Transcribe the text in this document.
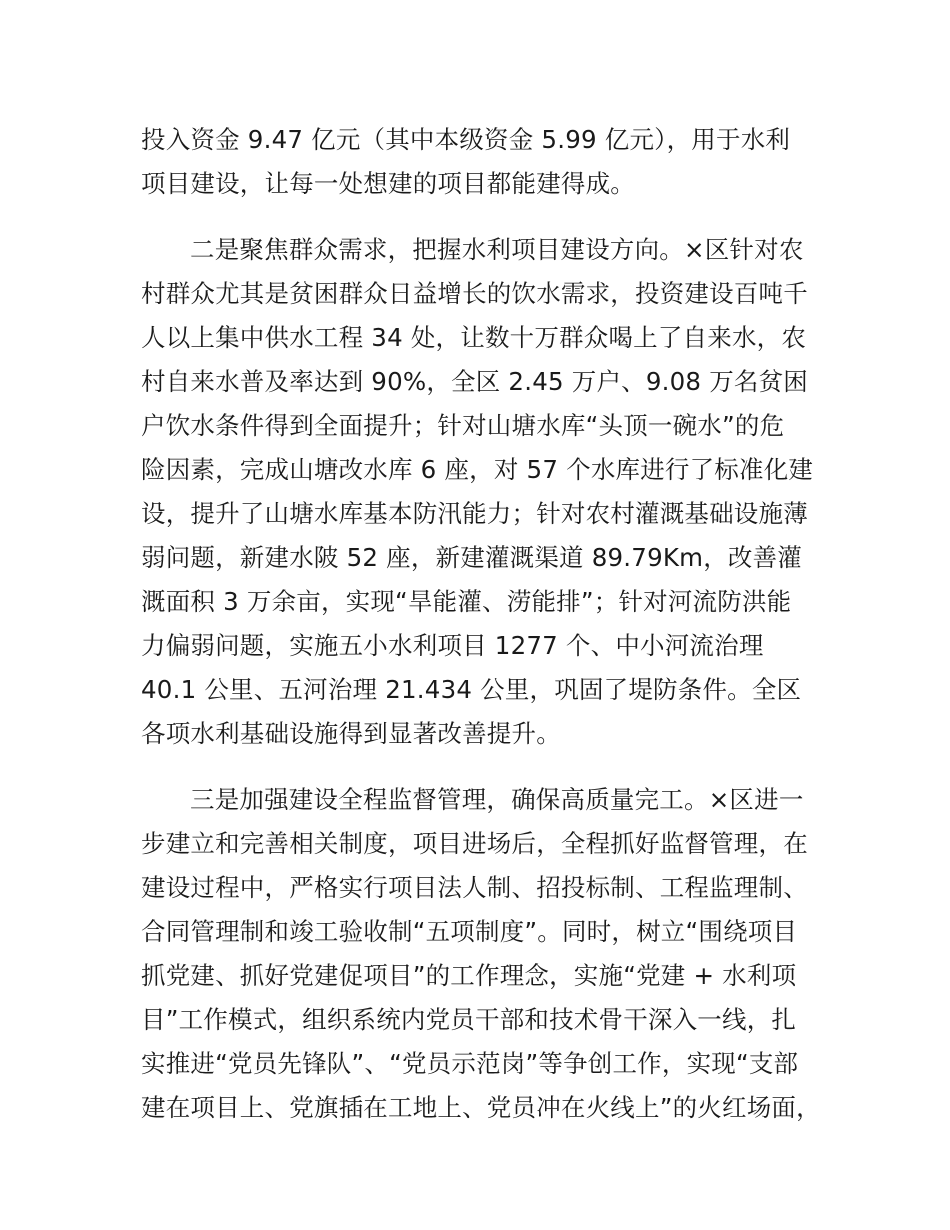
投入资金 9.47 亿元（其中本级资金 5.99 亿元），用于水利
项目建设，让每一处想建的项目都能建得成。

二是聚焦群众需求，把握水利项目建设方向。×区针对农
村群众尤其是贫困群众日益增长的饮水需求，投资建设百吨千
人以上集中供水工程 34 处，让数十万群众喝上了自来水，农
村自来水普及率达到 90%，全区 2.45 万户、9.08 万名贫困
户饮水条件得到全面提升；针对山塘水库“头顶一碗水”的危
险因素，完成山塘改水库 6 座，对 57 个水库进行了标准化建
设，提升了山塘水库基本防汛能力；针对农村灌溉基础设施薄
弱问题，新建水陂 52 座，新建灌溉渠道 89.79Km，改善灌
溉面积 3 万余亩，实现“旱能灌、涝能排”；针对河流防洪能
力偏弱问题，实施五小水利项目 1277 个、中小河流治理
40.1 公里、五河治理 21.434 公里，巩固了堤防条件。全区
各项水利基础设施得到显著改善提升。

三是加强建设全程监督管理，确保高质量完工。×区进一
步建立和完善相关制度，项目进场后，全程抓好监督管理，在
建设过程中，严格实行项目法人制、招投标制、工程监理制、
合同管理制和竣工验收制“五项制度”。同时，树立“围绕项目
抓党建、抓好党建促项目”的工作理念，实施“党建 + 水利项
目”工作模式，组织系统内党员干部和技术骨干深入一线，扎
实推进“党员先锋队”、“党员示范岗”等争创工作，实现“支部
建在项目上、党旗插在工地上、党员冲在火线上”的火红场面，
